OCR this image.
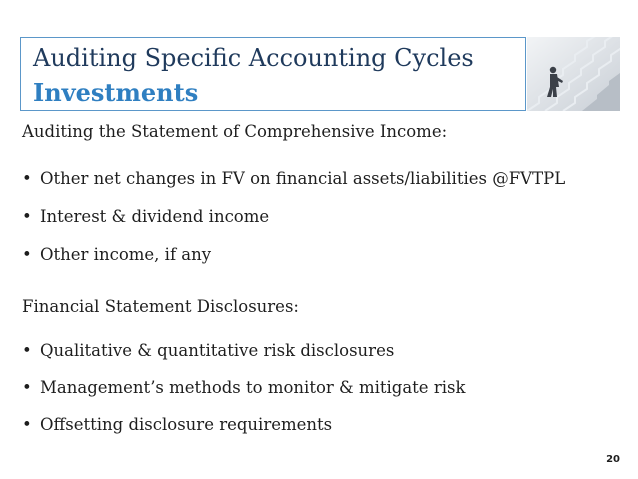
Auditing Specific Accounting Cycles
Investments
Auditing the Statement of Comprehensive Income:
• Other net changes in FV on financial assets/liabilities @FVTPL
• Interest & dividend income
• Other income, if any
Financial Statement Disclosures:
• Qualitative & quantitative risk disclosures
• Management’s methods to monitor & mitigate risk
• Offsetting disclosure requirements
20
